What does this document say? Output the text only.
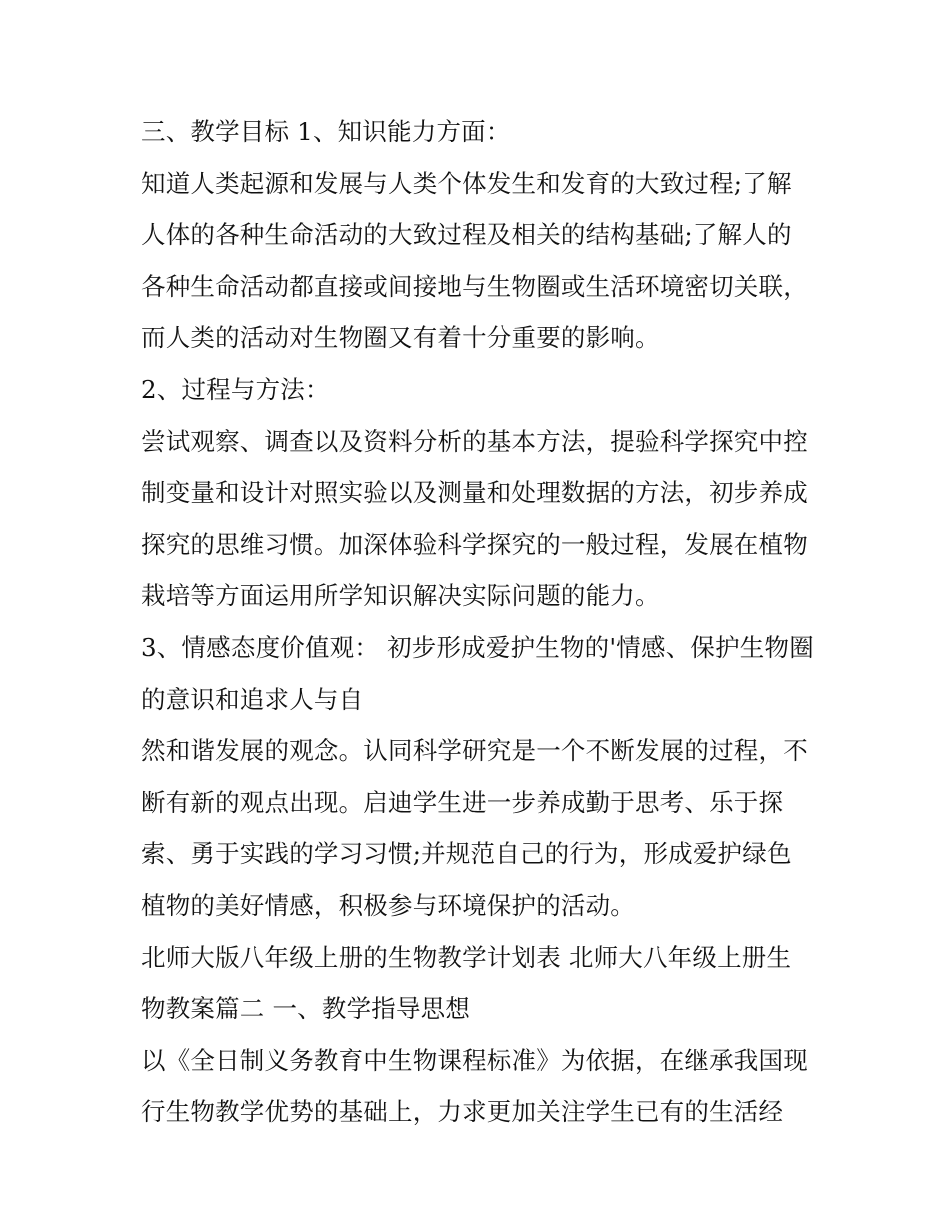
三、教学目标 1、知识能力方面：
知道人类起源和发展与人类个体发生和发育的大致过程;了解
人体的各种生命活动的大致过程及相关的结构基础;了解人的
各种生命活动都直接或间接地与生物圈或生活环境密切关联，
而人类的活动对生物圈又有着十分重要的影响。
2、过程与方法：
尝试观察、调查以及资料分析的基本方法，提验科学探究中控
制变量和设计对照实验以及测量和处理数据的方法，初步养成
探究的思维习惯。加深体验科学探究的一般过程，发展在植物
栽培等方面运用所学知识解决实际问题的能力。
3、情感态度价值观： 初步形成爱护生物的'情感、保护生物圈
的意识和追求人与自
然和谐发展的观念。认同科学研究是一个不断发展的过程，不
断有新的观点出现。启迪学生进一步养成勤于思考、乐于探
索、勇于实践的学习习惯;并规范自己的行为，形成爱护绿色
植物的美好情感，积极参与环境保护的活动。
北师大版八年级上册的生物教学计划表 北师大八年级上册生
物教案篇二 一、教学指导思想
以《全日制义务教育中生物课程标准》为依据，在继承我国现
行生物教学优势的基础上，力求更加关注学生已有的生活经
